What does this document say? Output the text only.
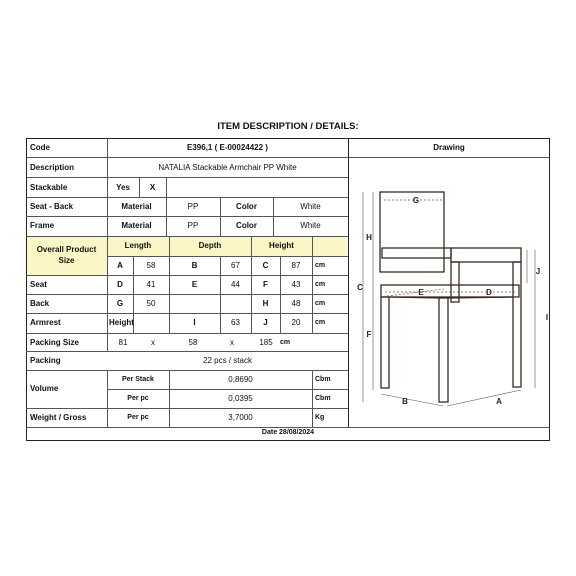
ITEM DESCRIPTION / DETAILS:
Code	E396,1 ( E-00024422 )	Drawing
Description	NATALIA Stackable Armchair PP White
Stackable	Yes	X
Seat - Back	Material	PP	Color	White
Frame	Material	PP	Color	White
Overall Product
Size
Length	Depth	Height
A	58	B	67	C	87	cm
Seat	D	41	E	44	F	43	cm
Back	G	50	H	48	cm
Armrest	Height	I	63	J	20	cm
Packing Size	81	x	58	x	185	cm
Packing	22 pcs / stack
Volume
Per Stack	0,8690	Cbm
Per pc	0,0395	Cbm
Weight / Gross	Per pc	3,7000	Kg
Date 28/08/2024
G
H
C
F
E	D
J
I
B	A
